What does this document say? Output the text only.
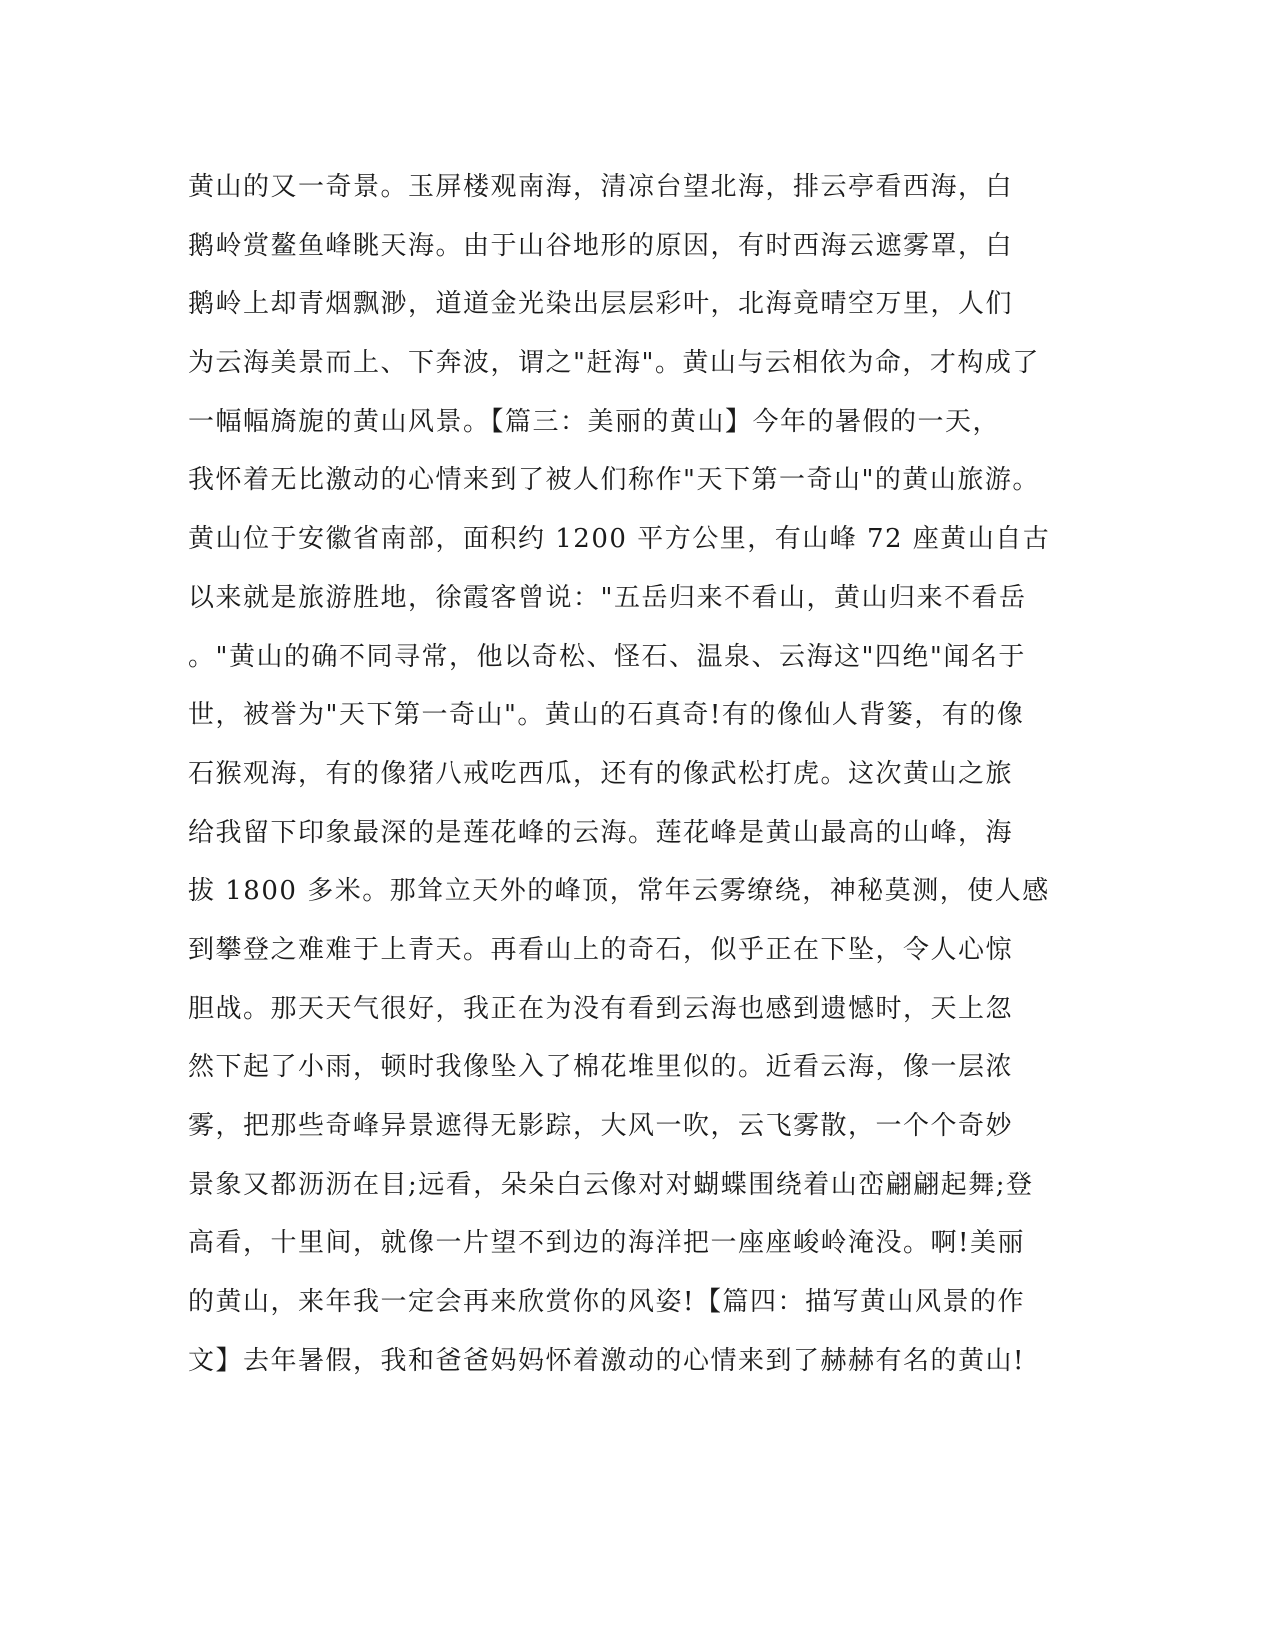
黄山的又一奇景。玉屏楼观南海，清凉台望北海，排云亭看西海，白
鹅岭赏鳌鱼峰眺天海。由于山谷地形的原因，有时西海云遮雾罩，白
鹅岭上却青烟飘渺，道道金光染出层层彩叶，北海竟晴空万里，人们
为云海美景而上、下奔波，谓之"赶海"。黄山与云相依为命，才构成了
一幅幅旖旎的黄山风景。【篇三：美丽的黄山】今年的暑假的一天，
我怀着无比激动的心情来到了被人们称作"天下第一奇山"的黄山旅游。
黄山位于安徽省南部，面积约 1200 平方公里，有山峰 72 座黄山自古
以来就是旅游胜地，徐霞客曾说："五岳归来不看山，黄山归来不看岳
。"黄山的确不同寻常，他以奇松、怪石、温泉、云海这"四绝"闻名于
世，被誉为"天下第一奇山"。黄山的石真奇!有的像仙人背篓，有的像
石猴观海，有的像猪八戒吃西瓜，还有的像武松打虎。这次黄山之旅
给我留下印象最深的是莲花峰的云海。莲花峰是黄山最高的山峰，海
拔 1800 多米。那耸立天外的峰顶，常年云雾缭绕，神秘莫测，使人感
到攀登之难难于上青天。再看山上的奇石，似乎正在下坠，令人心惊
胆战。那天天气很好，我正在为没有看到云海也感到遗憾时，天上忽
然下起了小雨，顿时我像坠入了棉花堆里似的。近看云海，像一层浓
雾，把那些奇峰异景遮得无影踪，大风一吹，云飞雾散，一个个奇妙
景象又都沥沥在目;远看，朵朵白云像对对蝴蝶围绕着山峦翩翩起舞;登
高看，十里间，就像一片望不到边的海洋把一座座峻岭淹没。啊!美丽
的黄山，来年我一定会再来欣赏你的风姿!【篇四：描写黄山风景的作
文】去年暑假，我和爸爸妈妈怀着激动的心情来到了赫赫有名的黄山!
